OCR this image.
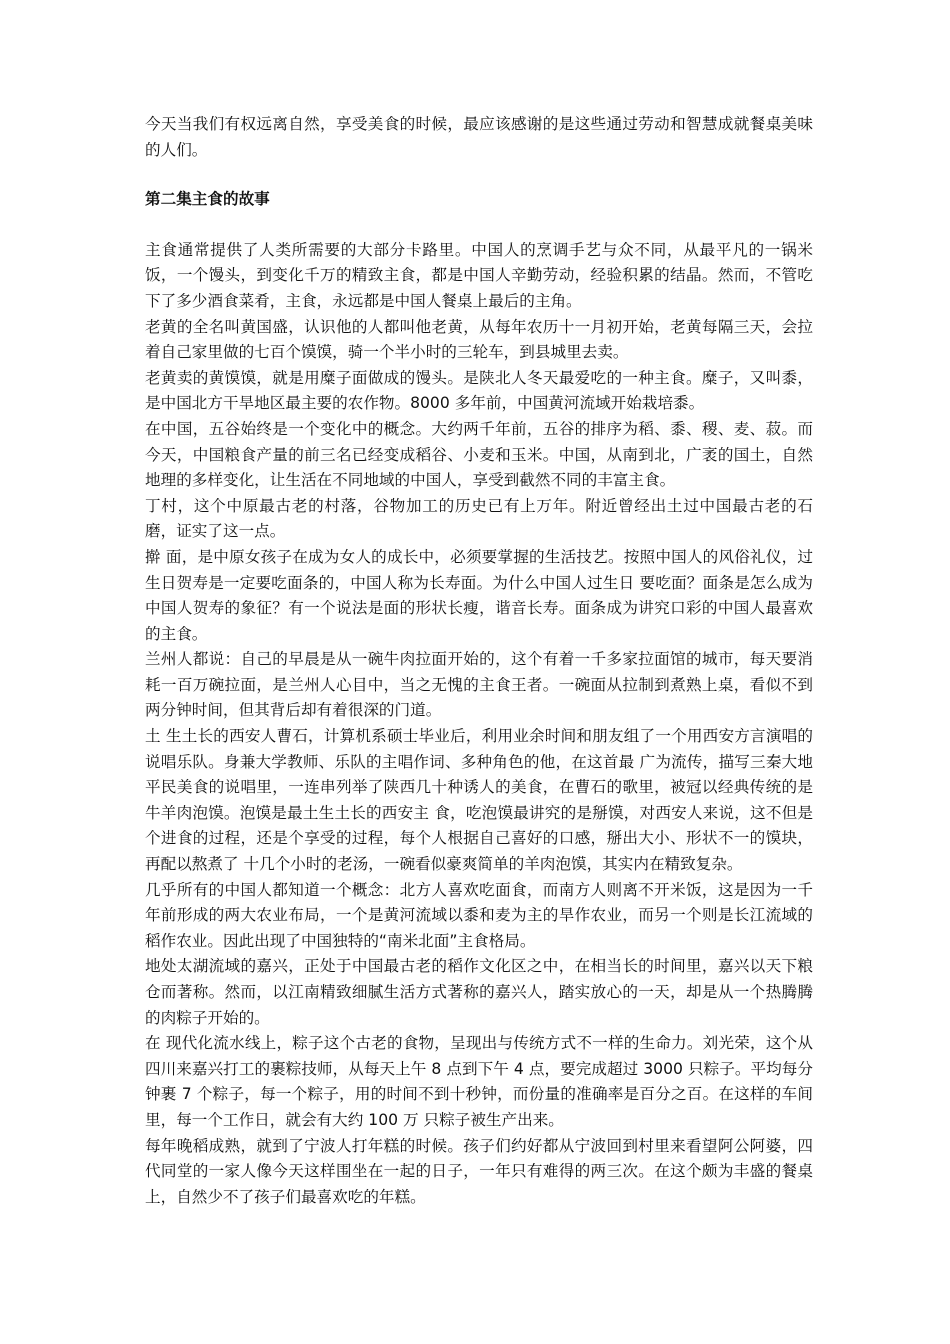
今天当我们有权远离自然，享受美食的时候，最应该感谢的是这些通过劳动和智慧成就餐桌美味的人们。

第二集主食的故事

主食通常提供了人类所需要的大部分卡路里。中国人的烹调手艺与众不同，从最平凡的一锅米饭，一个馒头，到变化千万的精致主食，都是中国人辛勤劳动，经验积累的结晶。然而，不管吃下了多少酒食菜肴，主食，永远都是中国人餐桌上最后的主角。

老黄的全名叫黄国盛，认识他的人都叫他老黄，从每年农历十一月初开始，老黄每隔三天，会拉着自己家里做的七百个馍馍，骑一个半小时的三轮车，到县城里去卖。

老黄卖的黄馍馍，就是用糜子面做成的馒头。是陕北人冬天最爱吃的一种主食。糜子，又叫黍，是中国北方干旱地区最主要的农作物。8000 多年前，中国黄河流域开始栽培黍。

在中国，五谷始终是一个变化中的概念。大约两千年前，五谷的排序为稻、黍、稷、麦、菽。而今天，中国粮食产量的前三名已经变成稻谷、小麦和玉米。中国，从南到北，广袤的国土，自然地理的多样变化，让生活在不同地域的中国人，享受到截然不同的丰富主食。

丁村，这个中原最古老的村落，谷物加工的历史已有上万年。附近曾经出土过中国最古老的石磨，证实了这一点。

擀 面，是中原女孩子在成为女人的成长中，必须要掌握的生活技艺。按照中国人的风俗礼仪，过生日贺寿是一定要吃面条的，中国人称为长寿面。为什么中国人过生日 要吃面？面条是怎么成为中国人贺寿的象征？有一个说法是面的形状长瘦，谐音长寿。面条成为讲究口彩的中国人最喜欢的主食。

兰州人都说：自己的早晨是从一碗牛肉拉面开始的，这个有着一千多家拉面馆的城市，每天要消耗一百万碗拉面，是兰州人心目中，当之无愧的主食王者。一碗面从拉制到煮熟上桌，看似不到两分钟时间，但其背后却有着很深的门道。

土 生土长的西安人曹石，计算机系硕士毕业后，利用业余时间和朋友组了一个用西安方言演唱的说唱乐队。身兼大学教师、乐队的主唱作词、多种角色的他，在这首最 广为流传，描写三秦大地平民美食的说唱里，一连串列举了陕西几十种诱人的美食，在曹石的歌里，被冠以经典传统的是牛羊肉泡馍。泡馍是最土生土长的西安主 食，吃泡馍最讲究的是掰馍，对西安人来说，这不但是个进食的过程，还是个享受的过程，每个人根据自己喜好的口感，掰出大小、形状不一的馍块，再配以熬煮了 十几个小时的老汤，一碗看似豪爽简单的羊肉泡馍，其实内在精致复杂。

几乎所有的中国人都知道一个概念：北方人喜欢吃面食，而南方人则离不开米饭，这是因为一千年前形成的两大农业布局，一个是黄河流域以黍和麦为主的旱作农业，而另一个则是长江流域的稻作农业。因此出现了中国独特的“南米北面”主食格局。

地处太湖流域的嘉兴，正处于中国最古老的稻作文化区之中，在相当长的时间里，嘉兴以天下粮仓而著称。然而，以江南精致细腻生活方式著称的嘉兴人，踏实放心的一天，却是从一个热腾腾的肉粽子开始的。

在 现代化流水线上，粽子这个古老的食物，呈现出与传统方式不一样的生命力。刘光荣，这个从四川来嘉兴打工的裹粽技师，从每天上午 8 点到下午 4 点，要完成超过 3000 只粽子。平均每分钟裹 7 个粽子，每一个粽子，用的时间不到十秒钟，而份量的准确率是百分之百。在这样的车间里，每一个工作日，就会有大约 100 万 只粽子被生产出来。

每年晚稻成熟，就到了宁波人打年糕的时候。孩子们约好都从宁波回到村里来看望阿公阿婆，四代同堂的一家人像今天这样围坐在一起的日子，一年只有难得的两三次。在这个颇为丰盛的餐桌上，自然少不了孩子们最喜欢吃的年糕。
